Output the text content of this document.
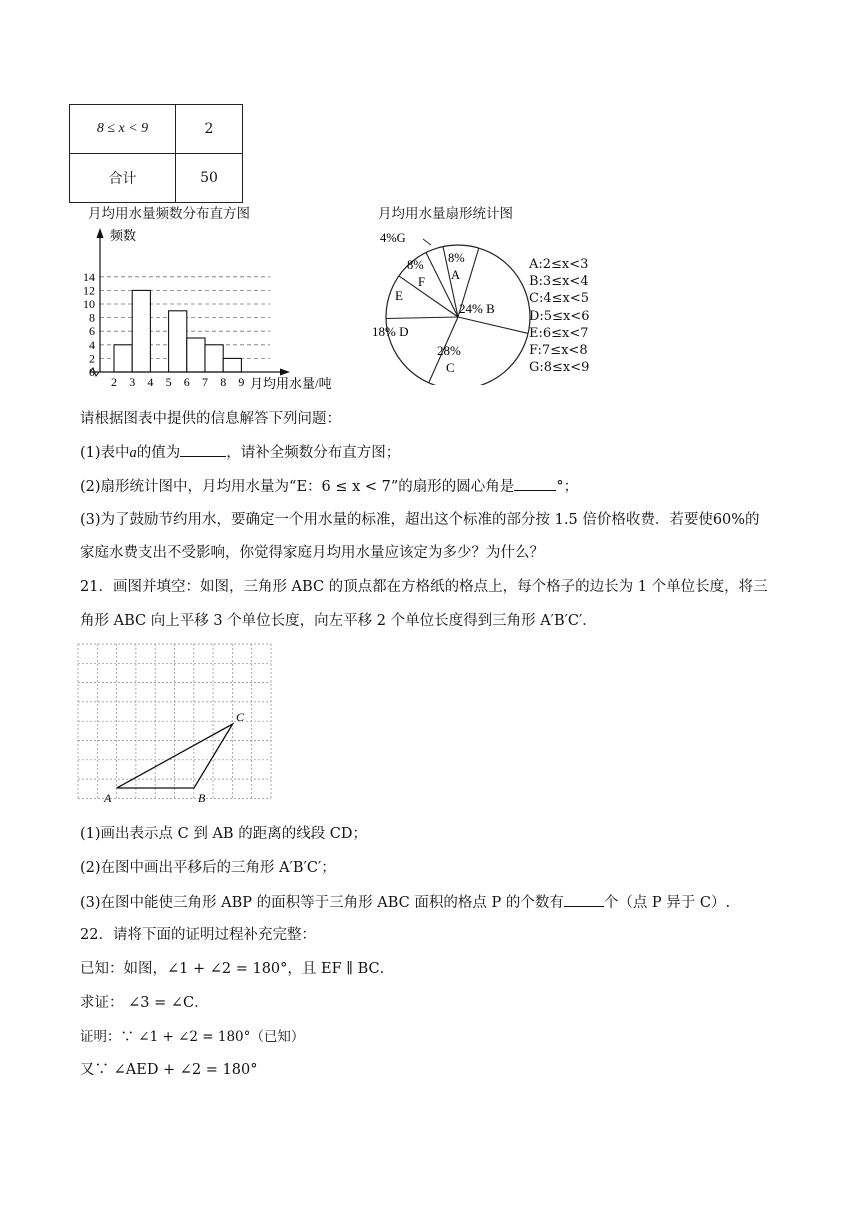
8 ≤ x < 9	2
合计	50
月均用水量频数分布直方图
频数
月均用水量/吨
0
2
4
6
8
10
12
14
2 3 4 5 6 7 8 9
月均用水量扇形统计图
4%G
8%
A
24% B
28%
C
18% D
E
8%
F
A:2≤x<3
B:3≤x<4
C:4≤x<5
D:5≤x<6
E:6≤x<7
F:7≤x<8
G:8≤x<9
请根据图表中提供的信息解答下列问题：
(1)表中a的值为	，请补全频数分布直方图；
(2)扇形统计图中，月均用水量为“E：6 ≤ x < 7”的扇形的圆心角是	°；
(3)为了鼓励节约用水，要确定一个用水量的标准，超出这个标准的部分按 1.5 倍价格收费．若要使60%的
家庭水费支出不受影响，你觉得家庭月均用水量应该定为多少？为什么？
21．画图并填空：如图，三角形 ABC 的顶点都在方格纸的格点上，每个格子的边长为 1 个单位长度，将三
角形 ABC 向上平移 3 个单位长度，向左平移 2 个单位长度得到三角形 A′B′C′．
A	B
C
(1)画出表示点 C 到 AB 的距离的线段 CD；
(2)在图中画出平移后的三角形 A′B′C′；
(3)在图中能使三角形 ABP 的面积等于三角形 ABC 面积的格点 P 的个数有	个（点 P 异于 C）.
22．请将下面的证明过程补充完整：
已知：如图，∠1 + ∠2 = 180°，且 EF ∥ BC．
求证： ∠3 = ∠C．
证明：∵ ∠1 + ∠2 = 180°（已知）
又∵ ∠AED + ∠2 = 180°
